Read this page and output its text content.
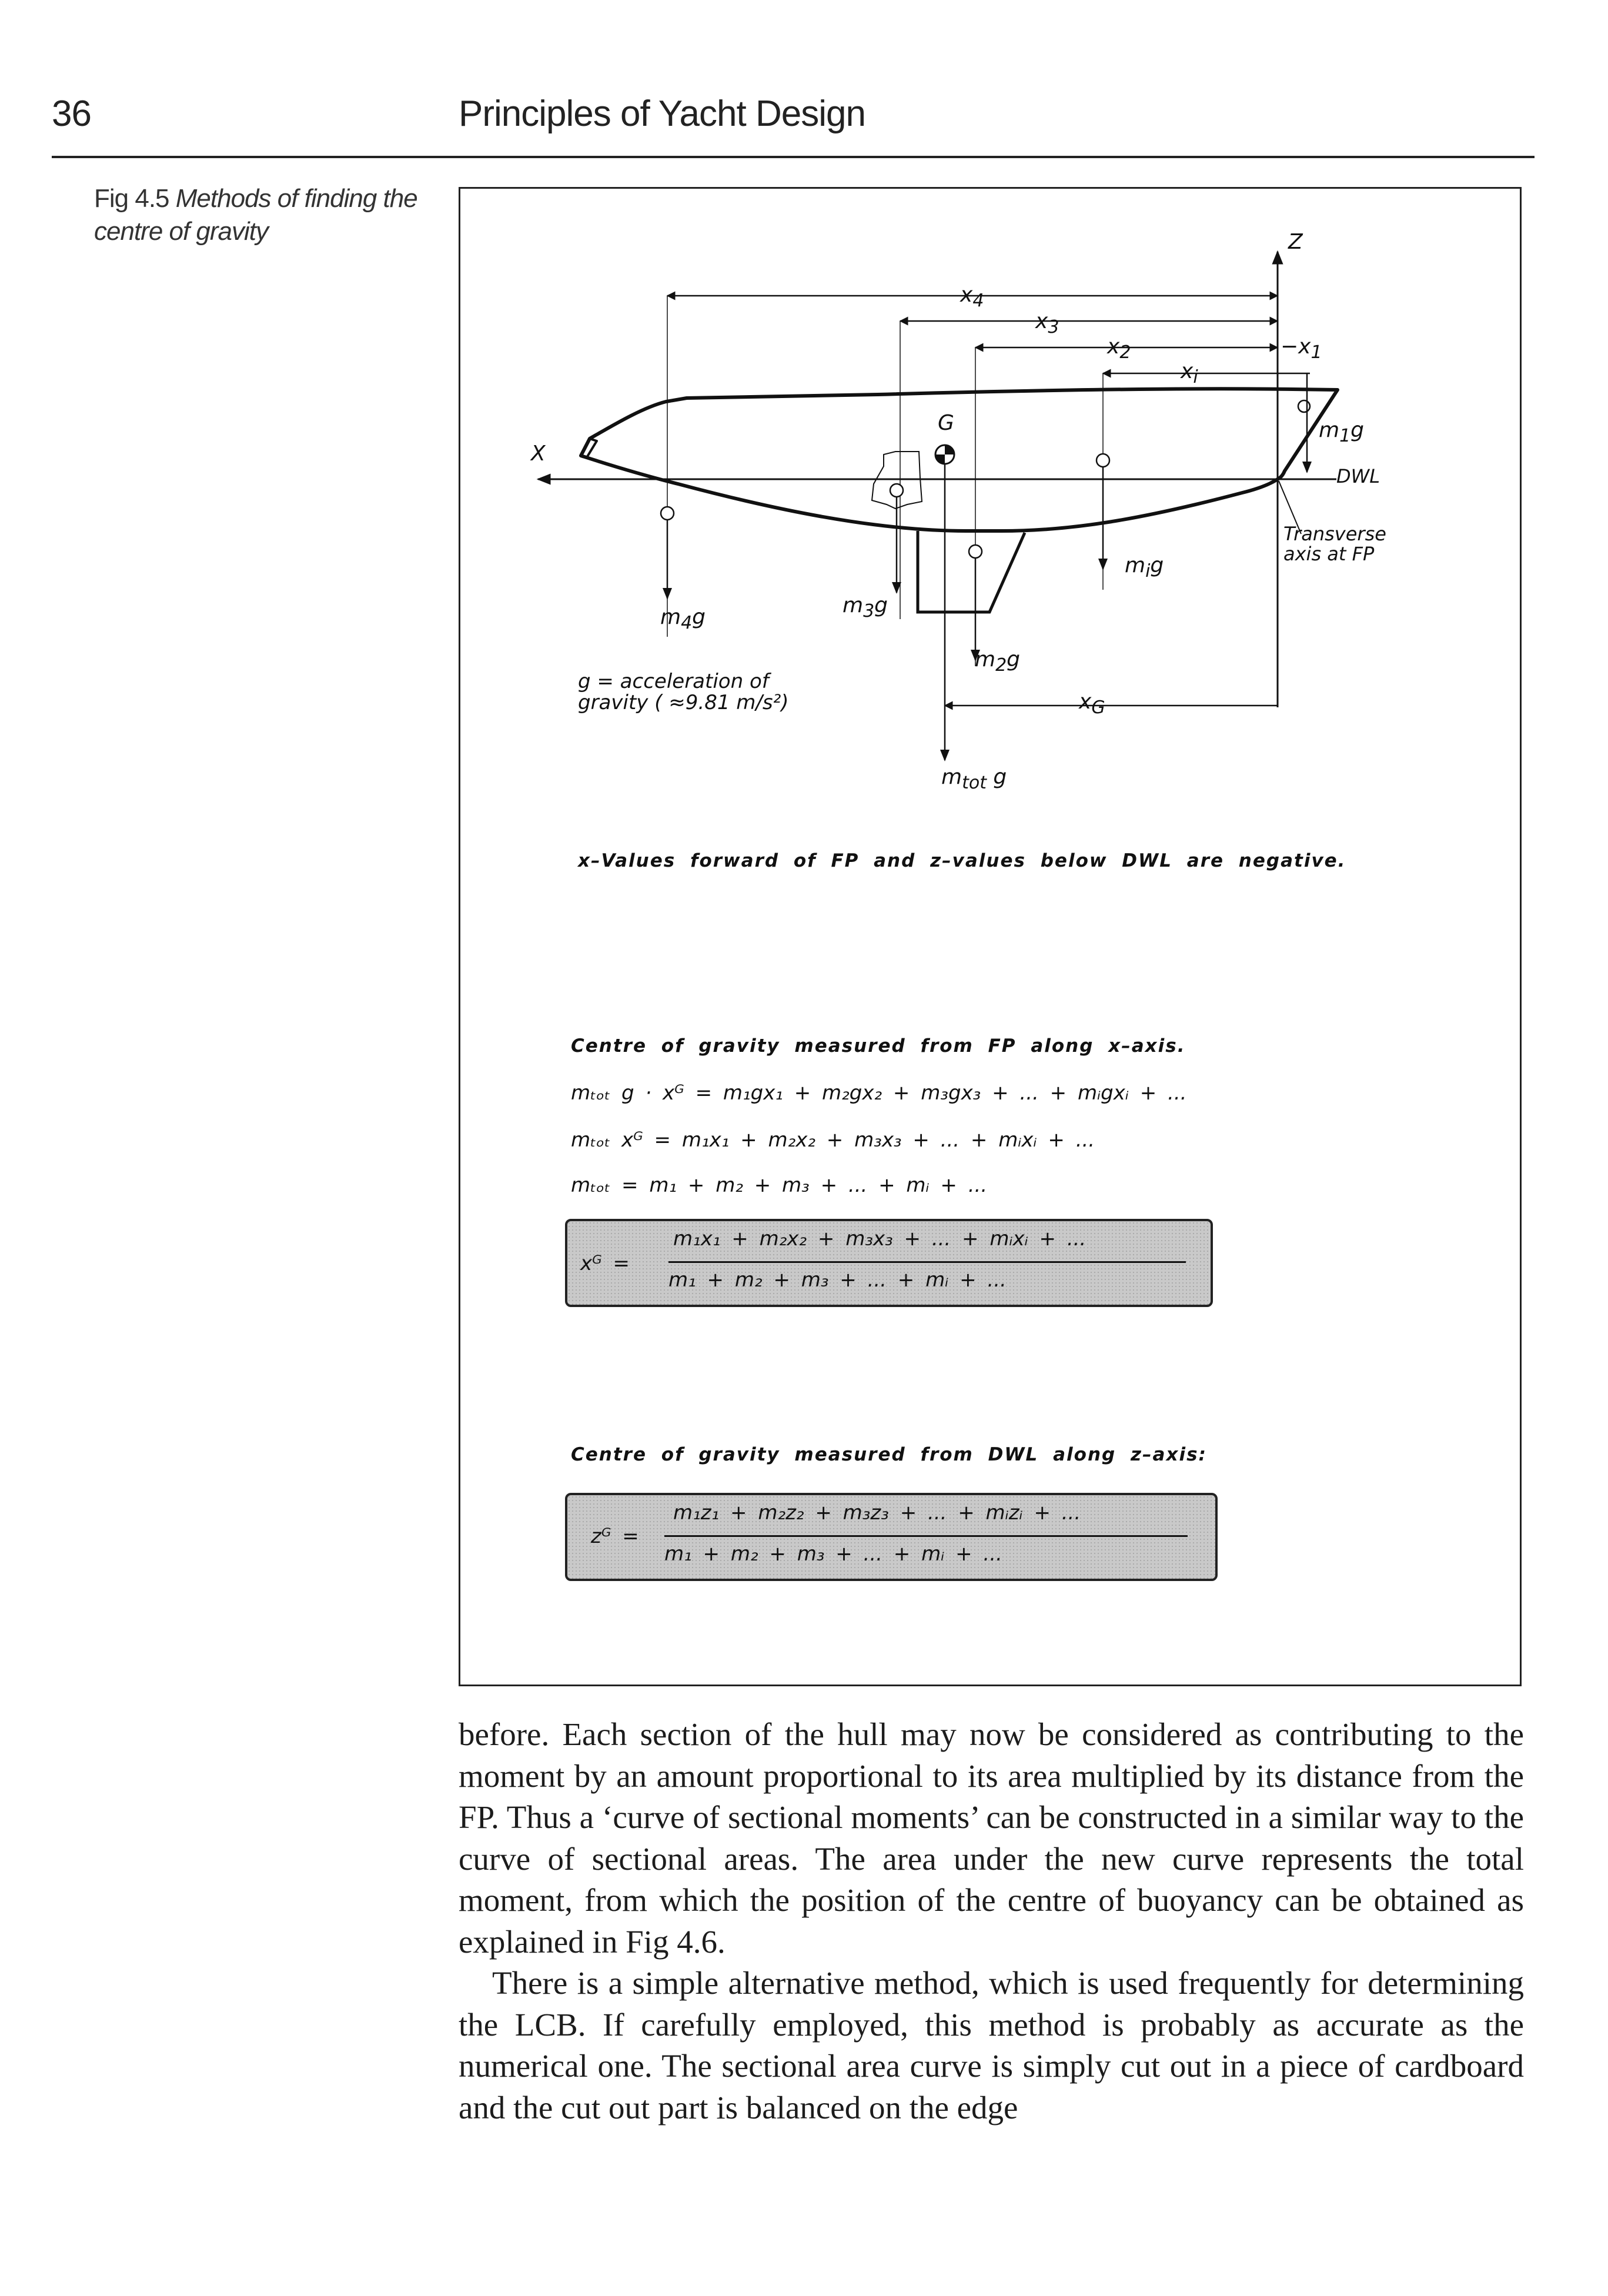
36	Principles of Yacht Design
Fig 4.5 Methods of finding the centre of gravity	Z
X
DWL
$x_4$
$x_3$
$x_2$	$-x_1$
$x_i$
$x_G$
G	$m_1g$
$m_ig$
$m_4g$	$m_3g$
$m_2g$
$m_{tot}$ g
Transverse
axis at FP
g = acceleration of
gravity ( ≈9.81 m/s²)
x–Values forward of FP and z–values below DWL are negative.
Centre of gravity measured from FP along x–axis.
mₜₒₜ g · xᴳ = m₁gx₁ + m₂gx₂ + m₃gx₃ + ... + mᵢgxᵢ + ...
mₜₒₜ xᴳ = m₁x₁ + m₂x₂ + m₃x₃ + ... + mᵢxᵢ + ...
mₜₒₜ = m₁ + m₂ + m₃ + ... + mᵢ + ...
xᴳ =
m₁x₁ + m₂x₂ + m₃x₃ + ... + mᵢxᵢ + ...
m₁ + m₂ + m₃ + ... + mᵢ + ...
Centre of gravity measured from DWL along z–axis:
zᴳ =
m₁z₁ + m₂z₂ + m₃z₃ + ... + mᵢzᵢ + ...
m₁ + m₂ + m₃ + ... + mᵢ + ...

before. Each section of the hull may now be considered as contributing to the moment by an amount proportional to its area multiplied by its distance from the FP. Thus a ‘curve of sectional moments’ can be constructed in a similar way to the curve of sectional areas. The area under the new curve represents the total moment, from which the position of the centre of buoyancy can be obtained as explained in Fig 4.6.

There is a simple alternative method, which is used frequently for determining the LCB. If carefully employed, this method is probably as accurate as the numerical one. The sectional area curve is simply cut out in a piece of cardboard and the cut out part is balanced on the edge
